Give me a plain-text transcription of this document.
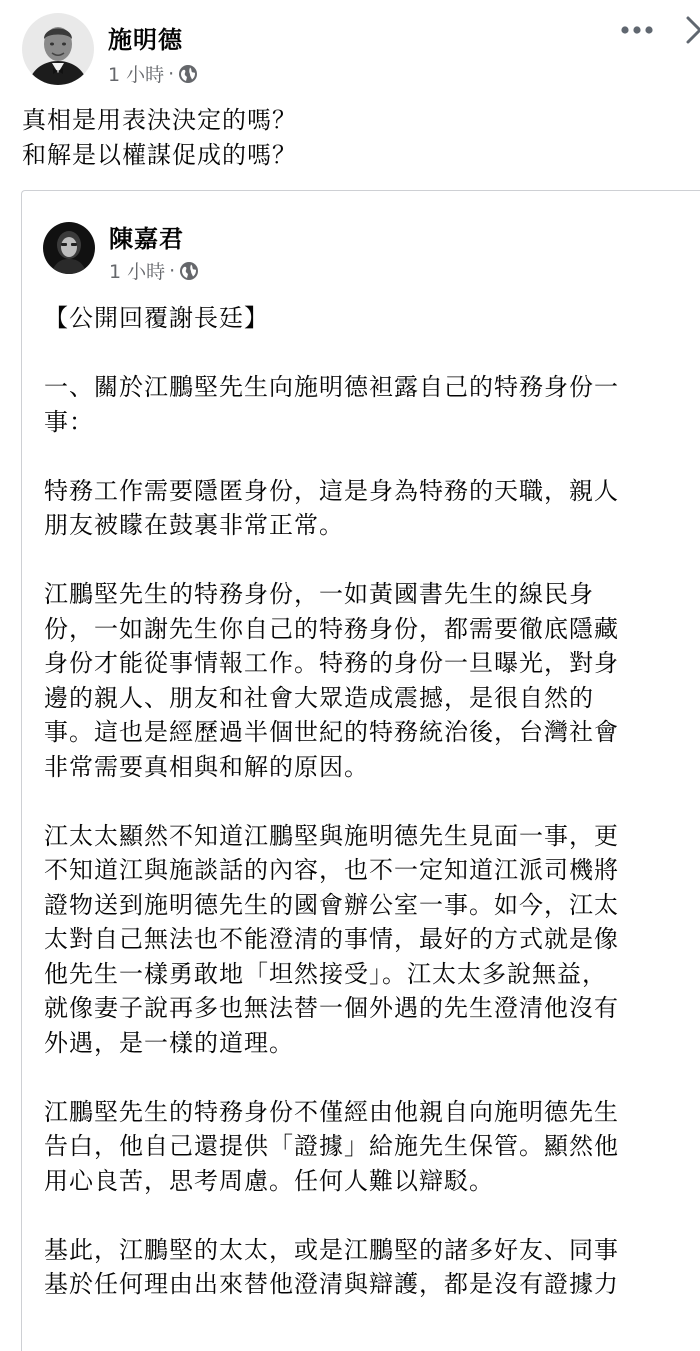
施明德
1 小時 ·
真相是用表決決定的嗎？
和解是以權謀促成的嗎？
陳嘉君
1 小時 ·
【公開回覆謝長廷】
一、關於江鵬堅先生向施明德袒露自己的特務身份一
事：
特務工作需要隱匿身份，這是身為特務的天職，親人
朋友被矇在鼓裏非常正常。
江鵬堅先生的特務身份，一如黃國書先生的線民身
份，一如謝先生你自己的特務身份，都需要徹底隱藏
身份才能從事情報工作。特務的身份一旦曝光，對身
邊的親人、朋友和社會大眾造成震撼，是很自然的
事。這也是經歷過半個世紀的特務統治後，台灣社會
非常需要真相與和解的原因。
江太太顯然不知道江鵬堅與施明德先生見面一事，更
不知道江與施談話的內容，也不一定知道江派司機將
證物送到施明德先生的國會辦公室一事。如今，江太
太對自己無法也不能澄清的事情，最好的方式就是像
他先生一樣勇敢地「坦然接受」。江太太多說無益，
就像妻子說再多也無法替一個外遇的先生澄清他沒有
外遇，是一樣的道理。
江鵬堅先生的特務身份不僅經由他親自向施明德先生
告白，他自己還提供「證據」給施先生保管。顯然他
用心良苦，思考周慮。任何人難以辯駁。
基此，江鵬堅的太太，或是江鵬堅的諸多好友、同事
基於任何理由出來替他澄清與辯護，都是沒有證據力
